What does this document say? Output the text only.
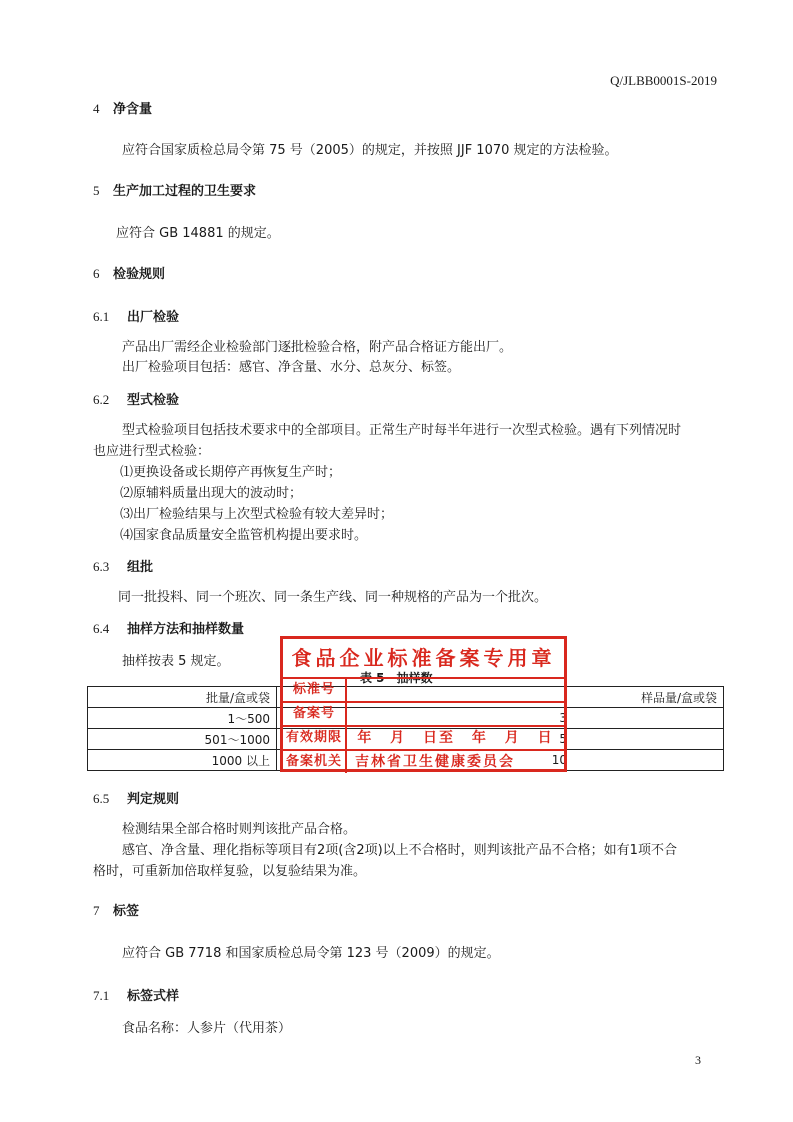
Q/JLBB0001S-2019
4 净含量
应符合国家质检总局令第 75 号（2005）的规定，并按照 JJF 1070 规定的方法检验。
5 生产加工过程的卫生要求
应符合 GB 14881 的规定。
6 检验规则
6.1 出厂检验
产品出厂需经企业检验部门逐批检验合格，附产品合格证方能出厂。
出厂检验项目包括：感官、净含量、水分、总灰分、标签。
6.2 型式检验
型式检验项目包括技术要求中的全部项目。正常生产时每半年进行一次型式检验。遇有下列情况时
也应进行型式检验：
⑴更换设备或长期停产再恢复生产时；
⑵原辅料质量出现大的波动时；
⑶出厂检验结果与上次型式检验有较大差异时；
⑷国家食品质量安全监管机构提出要求时。
6.3 组批
同一批投料、同一个班次、同一条生产线、同一种规格的产品为一个批次。
6.4 抽样方法和抽样数量
抽样按表 5 规定。
表 5　抽样数
批量/盒或袋	样品量/盒或袋
1～500	3
501～1000	5
1000 以上	10
食品企业标准备案专用章
标准号
备案号
有效期限	年 月 日至 年 月 日
备案机关 吉林省卫生健康委员会
6.5 判定规则
检测结果全部合格时则判该批产品合格。
感官、净含量、理化指标等项目有2项(含2项)以上不合格时，则判该批产品不合格；如有1项不合
格时，可重新加倍取样复验，以复验结果为准。
7 标签
应符合 GB 7718 和国家质检总局令第 123 号（2009）的规定。
7.1 标签式样
食品名称：人参片（代用茶）
3
